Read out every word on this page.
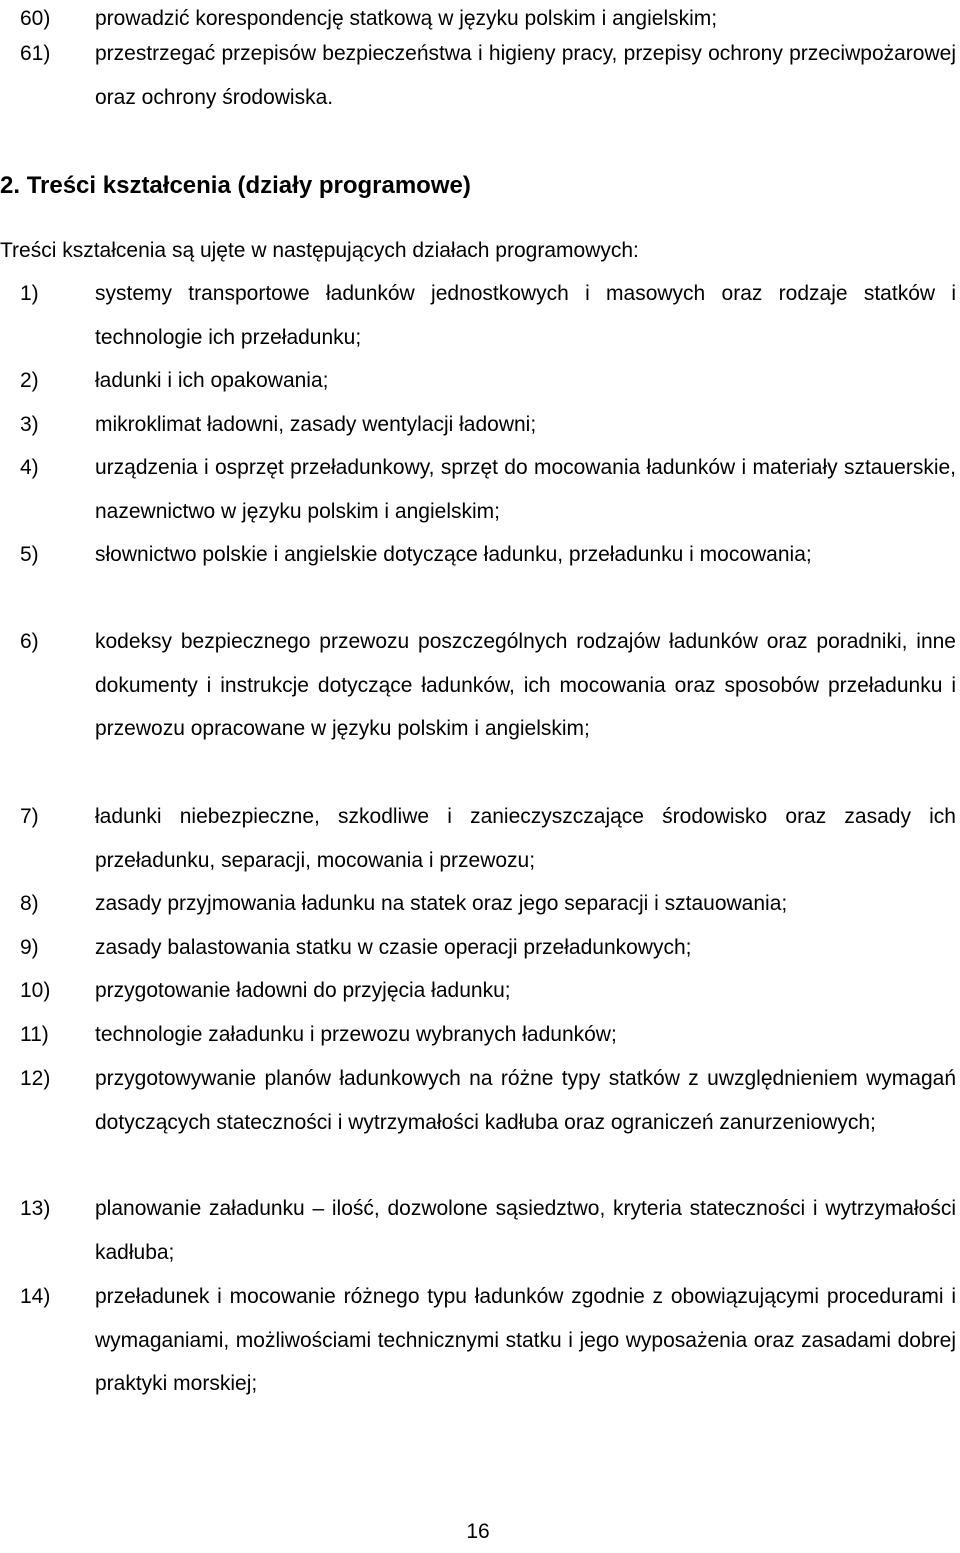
60)	prowadzić korespondencję statkową w języku polskim i angielskim;
61)	przestrzegać przepisów bezpieczeństwa i higieny pracy, przepisy ochrony przeciwpożarowej oraz ochrony środowiska.
2. Treści kształcenia (działy programowe)
Treści kształcenia są ujęte w następujących działach programowych:
1)	systemy transportowe ładunków jednostkowych i masowych oraz rodzaje statków i technologie ich przeładunku;
2)	ładunki i ich opakowania;
3)	mikroklimat ładowni, zasady wentylacji ładowni;
4)	urządzenia i osprzęt przeładunkowy, sprzęt do mocowania ładunków i materiały sztauerskie, nazewnictwo w języku polskim i angielskim;
5)	słownictwo polskie i angielskie dotyczące ładunku, przeładunku i mocowania;
6)	kodeksy bezpiecznego przewozu poszczególnych rodzajów ładunków oraz poradniki, inne dokumenty i instrukcje dotyczące ładunków, ich mocowania oraz sposobów przeładunku i przewozu opracowane w języku polskim i angielskim;
7)	ładunki niebezpieczne, szkodliwe i zanieczyszczające środowisko oraz zasady ich przeładunku, separacji, mocowania i przewozu;
8)	zasady przyjmowania ładunku na statek oraz jego separacji i sztauowania;
9)	zasady balastowania statku w czasie operacji przeładunkowych;
10)	przygotowanie ładowni do przyjęcia ładunku;
11)	technologie załadunku i przewozu wybranych ładunków;
12)	przygotowywanie planów ładunkowych na różne typy statków z uwzględnieniem wymagań dotyczących stateczności i wytrzymałości kadłuba oraz ograniczeń zanurzeniowych;
13)	planowanie załadunku – ilość, dozwolone sąsiedztwo, kryteria stateczności i wytrzymałości kadłuba;
14)	przeładunek i mocowanie różnego typu ładunków zgodnie z obowiązującymi procedurami i wymaganiami, możliwościami technicznymi statku i jego wyposażenia oraz zasadami dobrej praktyki morskiej;
16
